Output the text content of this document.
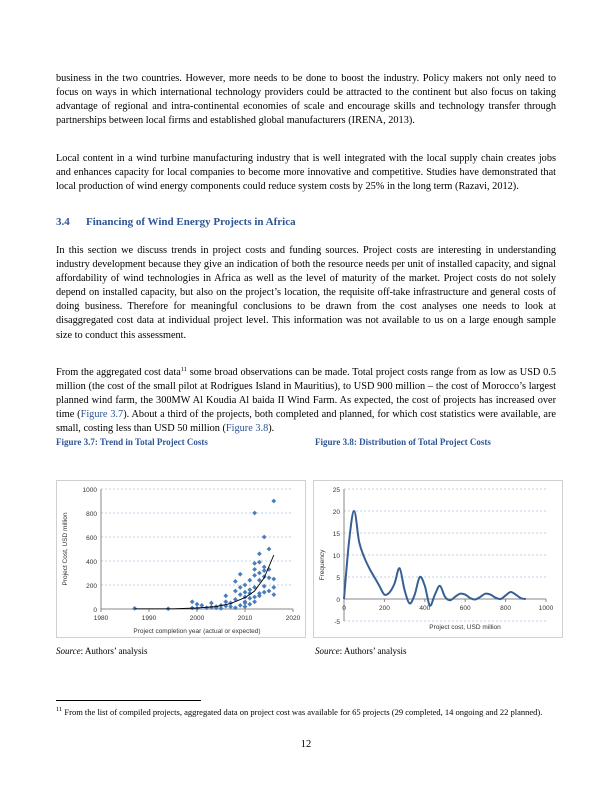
business in the two countries. However, more needs to be done to boost the industry. Policy makers not only need to focus on ways in which international technology providers could be attracted to the continent but also focus on taking advantage of regional and intra-continental economies of scale and encourage skills and technology transfer through partnerships between local firms and established global manufacturers (IRENA, 2013).

Local content in a wind turbine manufacturing industry that is well integrated with the local supply chain creates jobs and enhances capacity for local companies to become more innovative and competitive. Studies have demonstrated that local production of wind energy components could reduce system costs by 25% in the long term (Razavi, 2012).

3.4 Financing of Wind Energy Projects in Africa

In this section we discuss trends in project costs and funding sources. Project costs are interesting in understanding industry development because they give an indication of both the resource needs per unit of installed capacity, and signal affordability of wind technologies in Africa as well as the level of maturity of the market. Project costs do not solely depend on installed capacity, but also on the project’s location, the requisite off-take infrastructure and general costs of doing business. Therefore for meaningful conclusions to be drawn from the cost analyses one needs to look at disaggregated cost data at individual project level. This information was not available to us on a large enough sample size to conduct this assessment.

From the aggregated cost data$^{11}$ some broad observations can be made. Total project costs range from as low as USD 0.5 million (the cost of the small pilot at Rodrigues Island in Mauritius), to USD 900 million – the cost of Morocco’s largest planned wind farm, the 300MW Al Koudia Al baida II Wind Farm. As expected, the cost of projects has increased over time (Figure 3.7). About a third of the projects, both completed and planned, for which cost statistics were available, are small, costing less than USD 50 million (Figure 3.8).

Figure 3.7: Trend in Total Project Costs	Figure 3.8: Distribution of Total Project Costs

0
200
400
600
800
1000
1980	1990	2000	2010	2020
Project completion year (actual or expected)
Project Cost, USD million
-5
0
5
10
15
20
25
0	200	400	600	800	1000
Project cost, USD million
Frequency

Source: Authors’ analysis	Source: Authors’ analysis

$^{11}$ From the list of compiled projects, aggregated data on project cost was available for 65 projects (29 completed, 14 ongoing and 22 planned).

12
